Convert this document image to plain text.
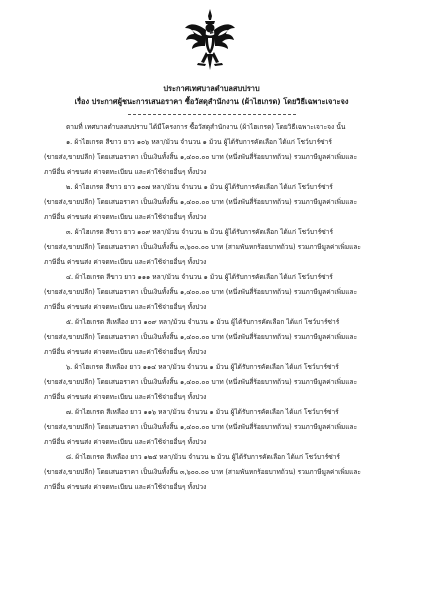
ประกาศเทศบาลตำบลสบปราบ
เรื่อง ประกาศผู้ชนะการเสนอราคา ซื้อวัสดุสำนักงาน (ผ้าไฮเกรด) โดยวิธีเฉพาะเจาะจง
ตามที่ เทศบาลตำบลสบปราบ ได้มีโครงการ ซื้อวัสดุสำนักงาน (ผ้าไฮเกรด) โดยวิธีเฉพาะเจาะจง นั้น
๑. ผ้าไฮเกรด สีขาว ยาว ๑๐๖ หลา/ม้วน จำนวน ๑ ม้วน ผู้ได้รับการคัดเลือก ได้แก่ โชว์บาร์ซ่าร์
(ขายส่ง,ขายปลีก) โดยเสนอราคา เป็นเงินทั้งสิ้น ๑,๔๐๐.๐๐ บาท (หนึ่งพันสี่ร้อยบาทถ้วน) รวมภาษีมูลค่าเพิ่มและ
ภาษีอื่น ค่าขนส่ง ค่าจดทะเบียน และค่าใช้จ่ายอื่นๆ ทั้งปวง
๒. ผ้าไฮเกรด สีขาว ยาว ๑๐๗ หลา/ม้วน จำนวน ๑ ม้วน ผู้ได้รับการคัดเลือก ได้แก่ โชว์บาร์ซ่าร์
(ขายส่ง,ขายปลีก) โดยเสนอราคา เป็นเงินทั้งสิ้น ๑,๔๐๐.๐๐ บาท (หนึ่งพันสี่ร้อยบาทถ้วน) รวมภาษีมูลค่าเพิ่มและ
ภาษีอื่น ค่าขนส่ง ค่าจดทะเบียน และค่าใช้จ่ายอื่นๆ ทั้งปวง
๓. ผ้าไฮเกรด สีขาว ยาว ๑๐๙ หลา/ม้วน จำนวน ๒ ม้วน ผู้ได้รับการคัดเลือก ได้แก่ โชว์บาร์ซ่าร์
(ขายส่ง,ขายปลีก) โดยเสนอราคา เป็นเงินทั้งสิ้น ๓,๖๐๐.๐๐ บาท (สามพันหกร้อยบาทถ้วน) รวมภาษีมูลค่าเพิ่มและ
ภาษีอื่น ค่าขนส่ง ค่าจดทะเบียน และค่าใช้จ่ายอื่นๆ ทั้งปวง
๔. ผ้าไฮเกรด สีขาว ยาว ๑๑๑ หลา/ม้วน จำนวน ๑ ม้วน ผู้ได้รับการคัดเลือก ได้แก่ โชว์บาร์ซ่าร์
(ขายส่ง,ขายปลีก) โดยเสนอราคา เป็นเงินทั้งสิ้น ๑,๔๐๐.๐๐ บาท (หนึ่งพันสี่ร้อยบาทถ้วน) รวมภาษีมูลค่าเพิ่มและ
ภาษีอื่น ค่าขนส่ง ค่าจดทะเบียน และค่าใช้จ่ายอื่นๆ ทั้งปวง
๕. ผ้าไฮเกรด สีเหลือง ยาว ๑๐๙ หลา/ม้วน จำนวน ๑ ม้วน ผู้ได้รับการคัดเลือก ได้แก่ โชว์บาร์ซ่าร์
(ขายส่ง,ขายปลีก) โดยเสนอราคา เป็นเงินทั้งสิ้น ๑,๔๐๐.๐๐ บาท (หนึ่งพันสี่ร้อยบาทถ้วน) รวมภาษีมูลค่าเพิ่มและ
ภาษีอื่น ค่าขนส่ง ค่าจดทะเบียน และค่าใช้จ่ายอื่นๆ ทั้งปวง
๖. ผ้าไฮเกรด สีเหลือง ยาว ๑๑๔ หลา/ม้วน จำนวน ๑ ม้วน ผู้ได้รับการคัดเลือก ได้แก่ โชว์บาร์ซ่าร์
(ขายส่ง,ขายปลีก) โดยเสนอราคา เป็นเงินทั้งสิ้น ๑,๔๐๐.๐๐ บาท (หนึ่งพันสี่ร้อยบาทถ้วน) รวมภาษีมูลค่าเพิ่มและ
ภาษีอื่น ค่าขนส่ง ค่าจดทะเบียน และค่าใช้จ่ายอื่นๆ ทั้งปวง
๗. ผ้าไฮเกรด สีเหลือง ยาว ๑๑๖ หลา/ม้วน จำนวน ๑ ม้วน ผู้ได้รับการคัดเลือก ได้แก่ โชว์บาร์ซ่าร์
(ขายส่ง,ขายปลีก) โดยเสนอราคา เป็นเงินทั้งสิ้น ๑,๔๐๐.๐๐ บาท (หนึ่งพันสี่ร้อยบาทถ้วน) รวมภาษีมูลค่าเพิ่มและ
ภาษีอื่น ค่าขนส่ง ค่าจดทะเบียน และค่าใช้จ่ายอื่นๆ ทั้งปวง
๘. ผ้าไฮเกรด สีเหลือง ยาว ๑๒๕ หลา/ม้วน จำนวน ๒ ม้วน ผู้ได้รับการคัดเลือก ได้แก่ โชว์บาร์ซ่าร์
(ขายส่ง,ขายปลีก) โดยเสนอราคา เป็นเงินทั้งสิ้น ๓,๖๐๐.๐๐ บาท (สามพันหกร้อยบาทถ้วน) รวมภาษีมูลค่าเพิ่มและ
ภาษีอื่น ค่าขนส่ง ค่าจดทะเบียน และค่าใช้จ่ายอื่นๆ ทั้งปวง
